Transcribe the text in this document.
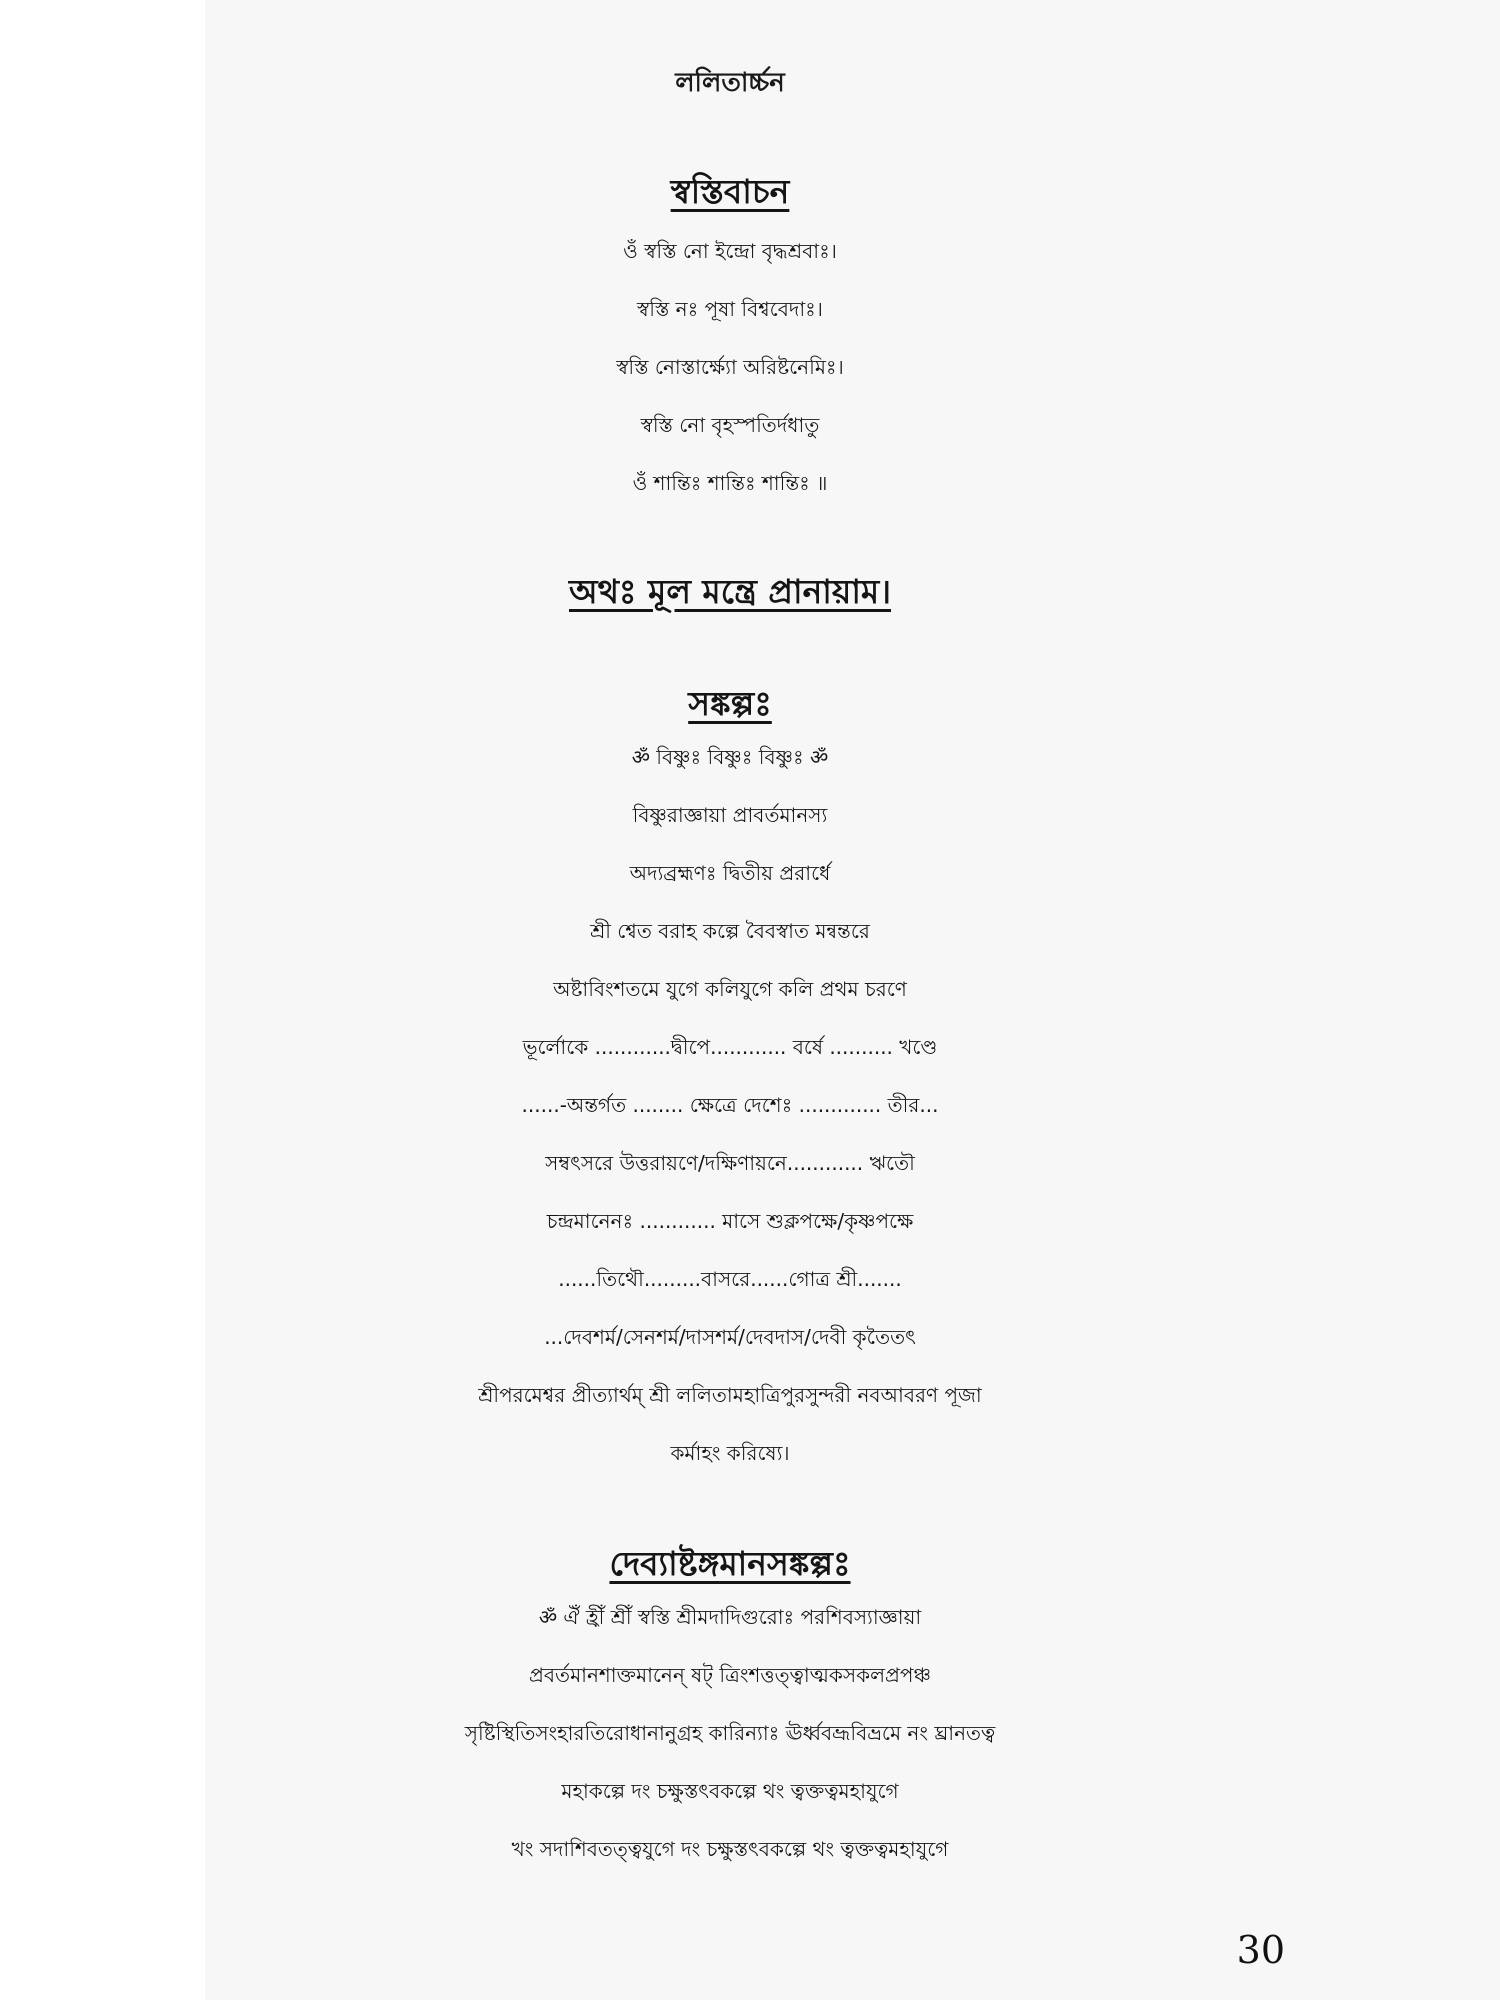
ললিতার্চ্চন

স্বস্তিবাচন

ওঁ স্বস্তি নো ইন্দ্রো বৃদ্ধশ্রবাঃ।

স্বস্তি নঃ পূষা বিশ্ববেদাঃ।

স্বস্তি নোস্তার্ক্ষ্যো অরিষ্টনেমিঃ।

স্বস্তি নো বৃহস্পতির্দধাতু

ওঁ শান্তিঃ শান্তিঃ শান্তিঃ ॥

অথঃ মূল মন্ত্রে প্রানায়াম।

সঙ্কল্পঃ

ॐ বিষ্ণুঃ বিষ্ণুঃ বিষ্ণুঃ ॐ

বিষ্ণুরাজ্ঞায়া প্রাবর্তমানস্য

অদ্যব্রহ্মণঃ দ্বিতীয় প্ররার্ধে

শ্রী শ্বেত বরাহ কল্পে বৈবস্বাত মন্বন্তরে

অষ্টাবিংশতমে যুগে কলিযুগে কলি প্রথম চরণে

ভূর্লোকে ............দ্বীপে............ বর্ষে .......... খণ্ডে

......-অন্তর্গত ........ ক্ষেত্রে দেশেঃ ............. তীর...

সম্বৎসরে উত্তরায়ণে/দক্ষিণায়নে............ ঋতৌ

চন্দ্রমানেনঃ ............ মাসে শুক্লপক্ষে/কৃষ্ণপক্ষে

......তিথৌ.........বাসরে......গোত্র শ্রী.......

...দেবশর্ম/সেনশর্ম/দাসশর্ম/দেবদাস/দেবী কৃতৈতৎ

শ্রীপরমেশ্বর প্রীত্যার্থম্ শ্রী ললিতামহাত্রিপুরসুন্দরী নবআবরণ পূজা

কর্মাহং করিষ্যে।

দেব্যাষ্টঙ্গমানসঙ্কল্পঃ

ॐ ঐঁ হ্রীঁ শ্রীঁ স্বস্তি শ্রীমদাদিগুরোঃ পরশিবস্যাজ্ঞায়া

প্রবর্তমানশাক্তমানেন্ ষট্ ত্রিংশত্তত্ত্বাত্মকসকলপ্রপঞ্চ

সৃষ্টিস্থিতিসংহারতিরোধানানুগ্রহ কারিন্যাঃ ঊর্ধ্ববভ্রূবিভ্রমে নং ঘ্রানতত্ব

মহাকল্পে দং চক্ষুস্তৎবকল্পে থং ত্বক্তত্বমহাযুগে

খং সদাশিবতত্ত্বযুগে দং চক্ষুস্তৎবকল্পে থং ত্বক্তত্বমহাযুগে

30
